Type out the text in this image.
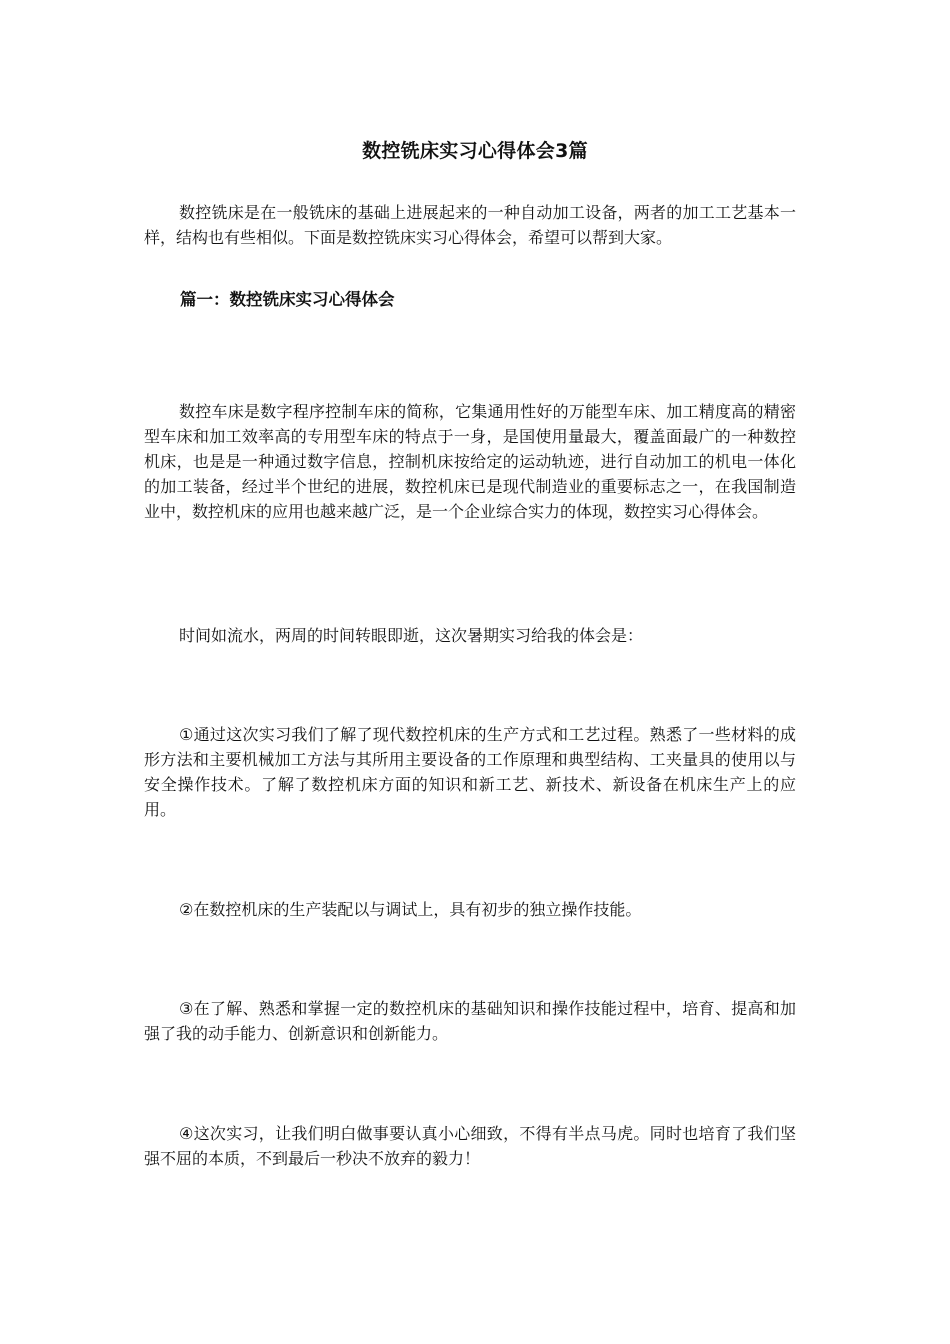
数控铣床实习心得体会3篇

数控铣床是在一般铣床的基础上进展起来的一种自动加工设备，两者的加工工艺基本一样，结构也有些相似。下面是数控铣床实习心得体会，希望可以帮到大家。

篇一：数控铣床实习心得体会

数控车床是数字程序控制车床的简称，它集通用性好的万能型车床、加工精度高的精密型车床和加工效率高的专用型车床的特点于一身，是国使用量最大，覆盖面最广的一种数控机床，也是是一种通过数字信息，控制机床按给定的运动轨迹，进行自动加工的机电一体化的加工装备，经过半个世纪的进展，数控机床已是现代制造业的重要标志之一，在我国制造业中，数控机床的应用也越来越广泛，是一个企业综合实力的体现，数控实习心得体会。

时间如流水，两周的时间转眼即逝，这次暑期实习给我的体会是：

①通过这次实习我们了解了现代数控机床的生产方式和工艺过程。熟悉了一些材料的成形方法和主要机械加工方法与其所用主要设备的工作原理和典型结构、工夹量具的使用以与安全操作技术。了解了数控机床方面的知识和新工艺、新技术、新设备在机床生产上的应用。

②在数控机床的生产装配以与调试上，具有初步的独立操作技能。

③在了解、熟悉和掌握一定的数控机床的基础知识和操作技能过程中，培育、提高和加强了我的动手能力、创新意识和创新能力。

④这次实习，让我们明白做事要认真小心细致，不得有半点马虎。同时也培育了我们坚强不屈的本质，不到最后一秒决不放弃的毅力！
